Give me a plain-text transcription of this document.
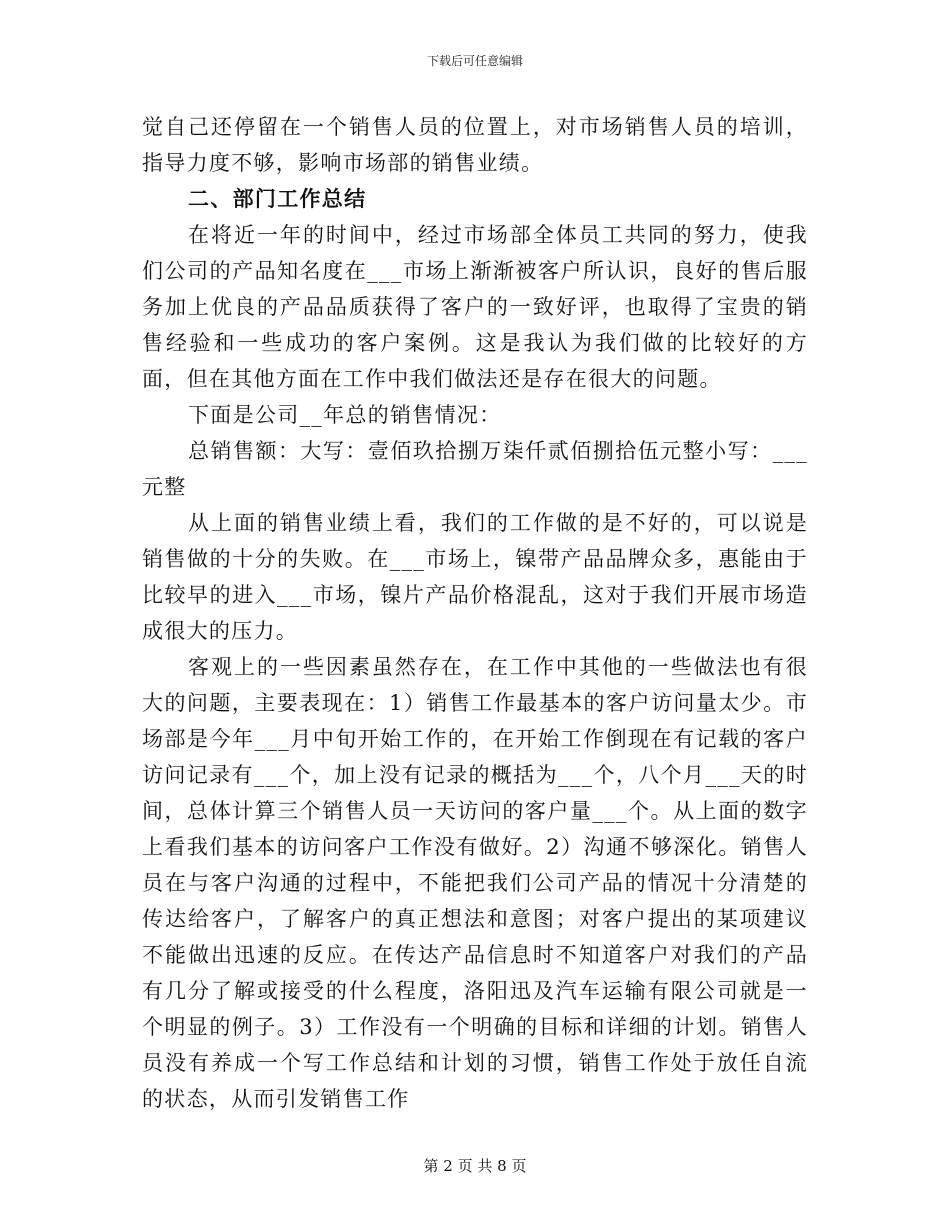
下载后可任意编辑

觉自己还停留在一个销售人员的位置上，对市场销售人员的培训，指导力度不够，影响市场部的销售业绩。

二、部门工作总结

在将近一年的时间中，经过市场部全体员工共同的努力，使我们公司的产品知名度在___市场上渐渐被客户所认识，良好的售后服务加上优良的产品品质获得了客户的一致好评，也取得了宝贵的销售经验和一些成功的客户案例。这是我认为我们做的比较好的方面，但在其他方面在工作中我们做法还是存在很大的问题。

下面是公司__年总的销售情况：

总销售额：大写：壹佰玖拾捌万柒仟贰佰捌拾伍元整小写：___元整

从上面的销售业绩上看，我们的工作做的是不好的，可以说是销售做的十分的失败。在___市场上，镍带产品品牌众多，惠能由于比较早的进入___市场，镍片产品价格混乱，这对于我们开展市场造成很大的压力。

客观上的一些因素虽然存在，在工作中其他的一些做法也有很大的问题，主要表现在：1）销售工作最基本的客户访问量太少。市场部是今年___月中旬开始工作的，在开始工作倒现在有记载的客户访问记录有___个，加上没有记录的概括为___个，八个月___天的时间，总体计算三个销售人员一天访问的客户量___个。从上面的数字上看我们基本的访问客户工作没有做好。2）沟通不够深化。销售人员在与客户沟通的过程中，不能把我们公司产品的情况十分清楚的传达给客户，了解客户的真正想法和意图；对客户提出的某项建议不能做出迅速的反应。在传达产品信息时不知道客户对我们的产品有几分了解或接受的什么程度，洛阳迅及汽车运输有限公司就是一个明显的例子。3）工作没有一个明确的目标和详细的计划。销售人员没有养成一个写工作总结和计划的习惯，销售工作处于放任自流的状态，从而引发销售工作

第 2 页 共 8 页
